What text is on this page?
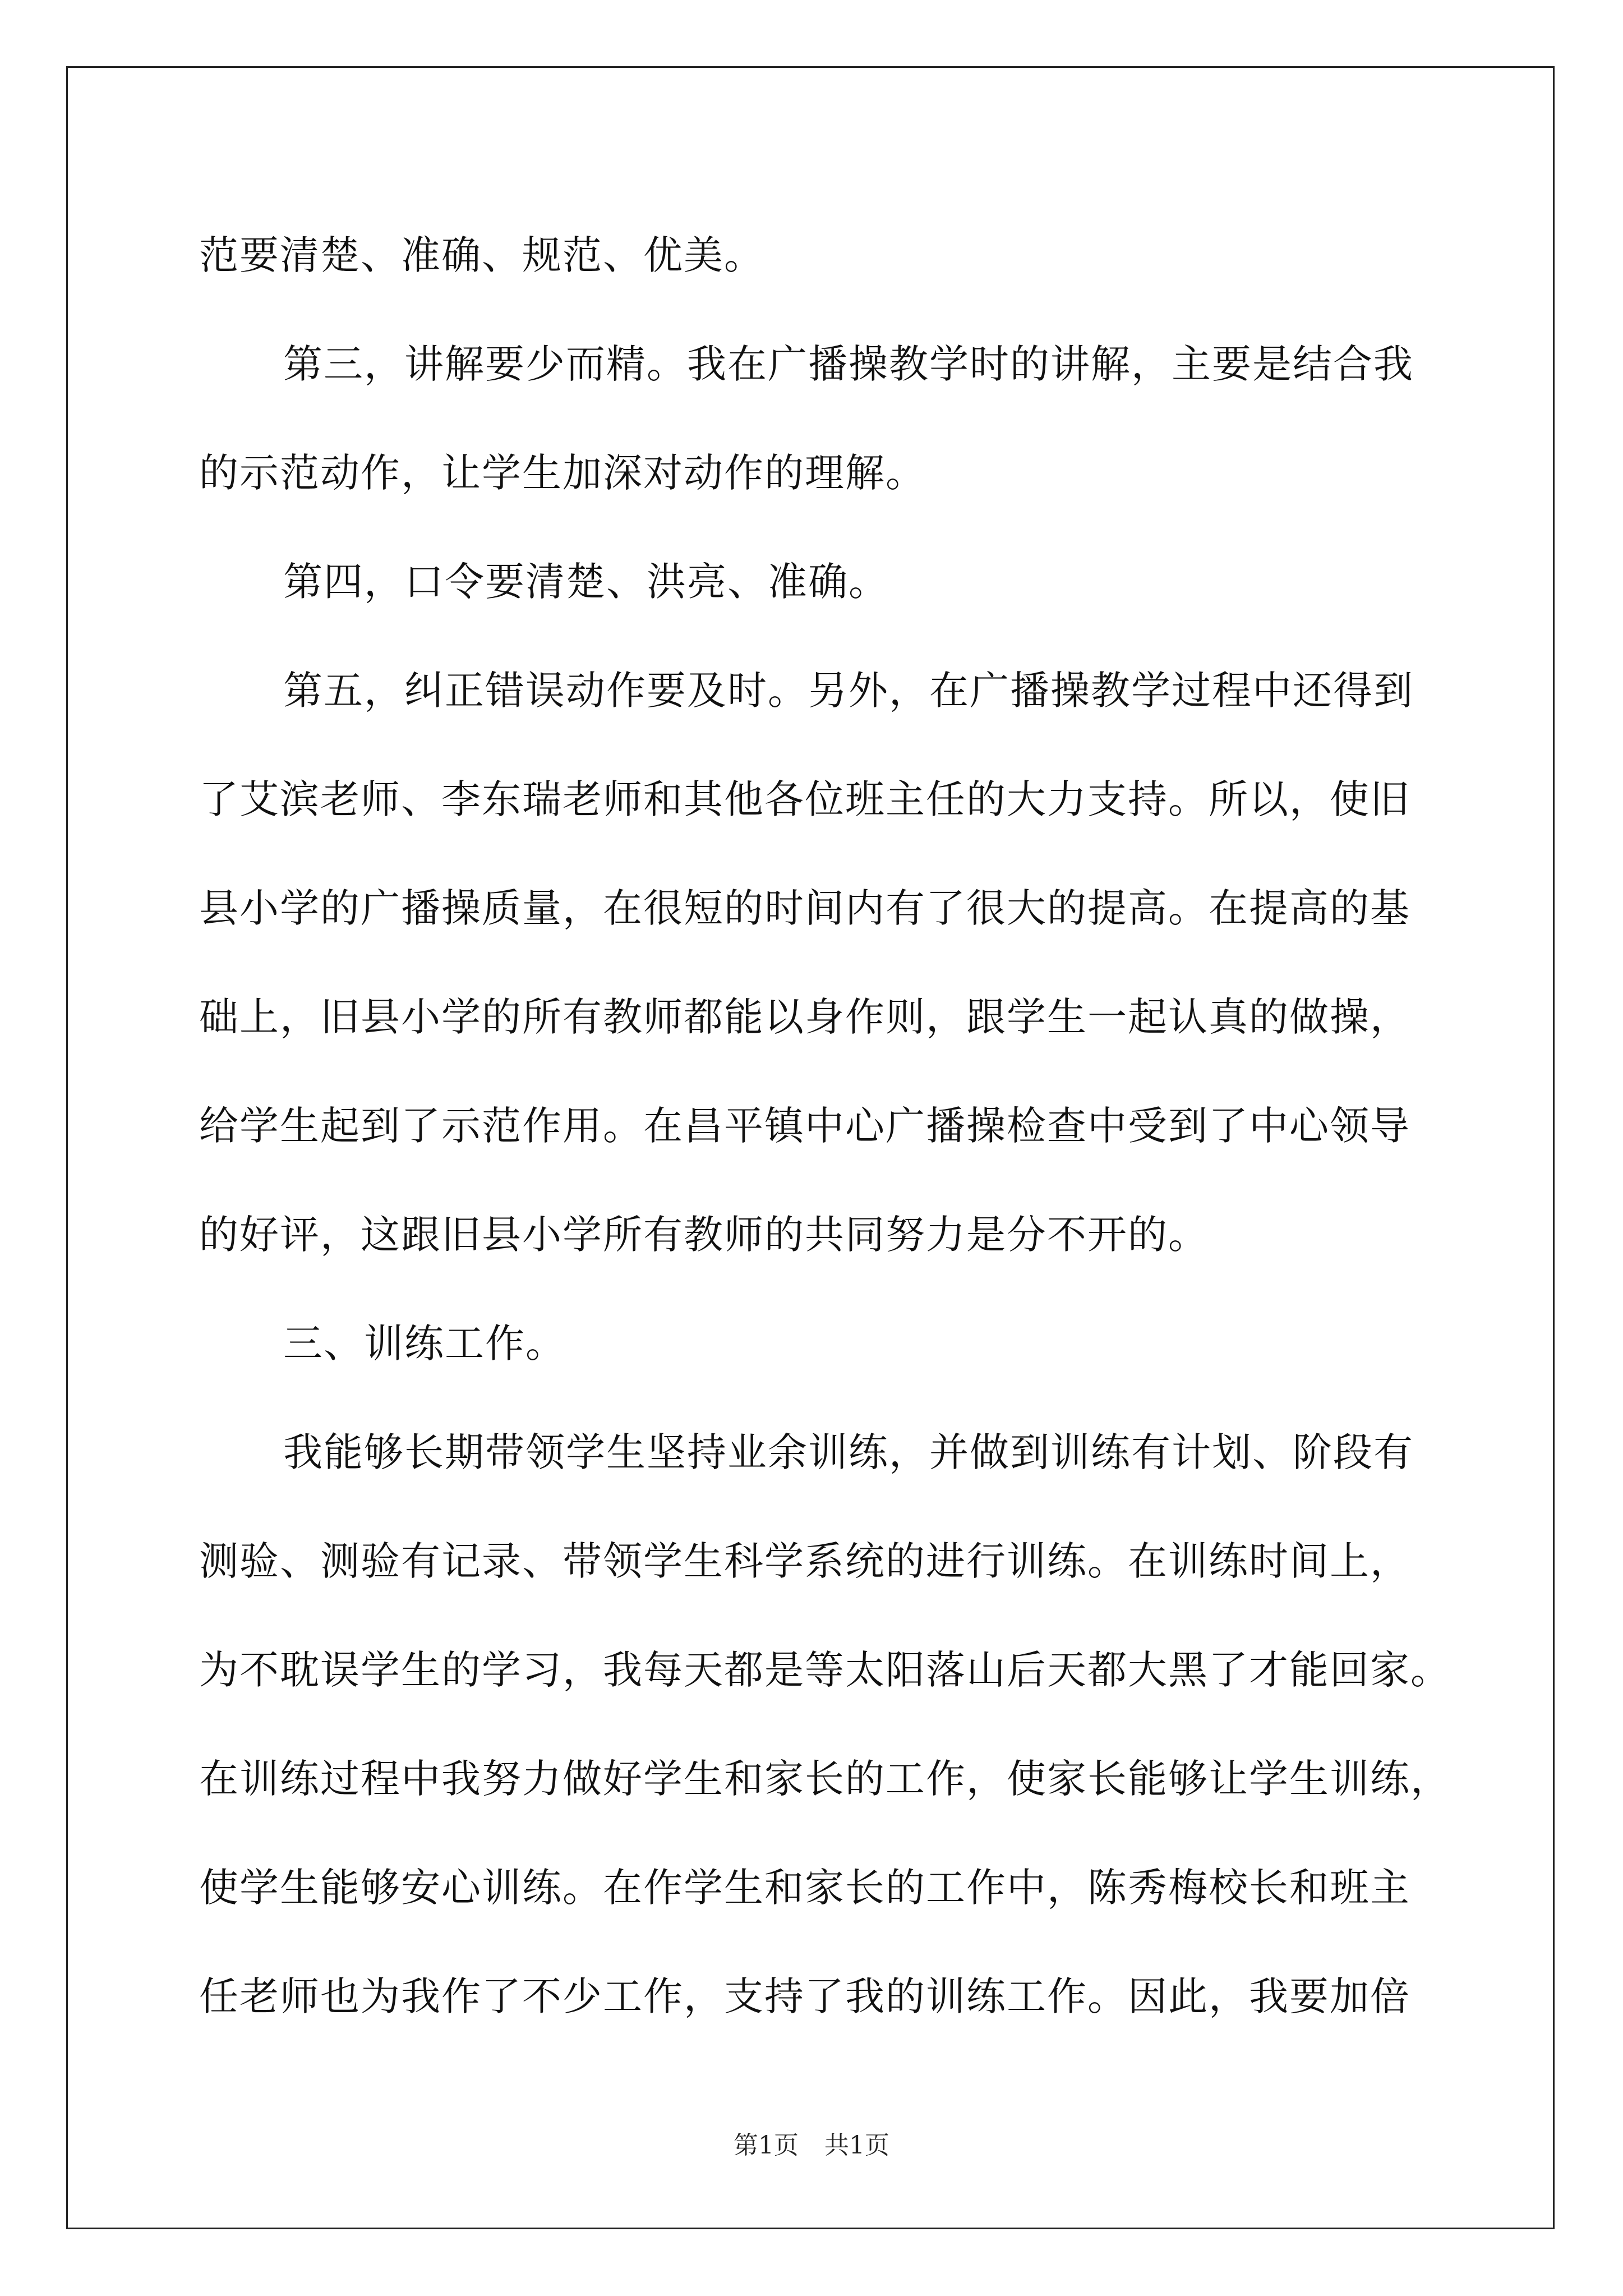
范要清楚、准确、规范、优美。
第三，讲解要少而精。我在广播操教学时的讲解，主要是结合我
的示范动作，让学生加深对动作的理解。
第四，口令要清楚、洪亮、准确。
第五，纠正错误动作要及时。另外，在广播操教学过程中还得到
了艾滨老师、李东瑞老师和其他各位班主任的大力支持。所以，使旧
县小学的广播操质量，在很短的时间内有了很大的提高。在提高的基
础上，旧县小学的所有教师都能以身作则，跟学生一起认真的做操，
给学生起到了示范作用。在昌平镇中心广播操检查中受到了中心领导
的好评，这跟旧县小学所有教师的共同努力是分不开的。
三、训练工作。
我能够长期带领学生坚持业余训练，并做到训练有计划、阶段有
测验、测验有记录、带领学生科学系统的进行训练。在训练时间上，
为不耽误学生的学习，我每天都是等太阳落山后天都大黑了才能回家。
在训练过程中我努力做好学生和家长的工作，使家长能够让学生训练，
使学生能够安心训练。在作学生和家长的工作中，陈秀梅校长和班主
任老师也为我作了不少工作，支持了我的训练工作。因此，我要加倍
第1页 共1页
